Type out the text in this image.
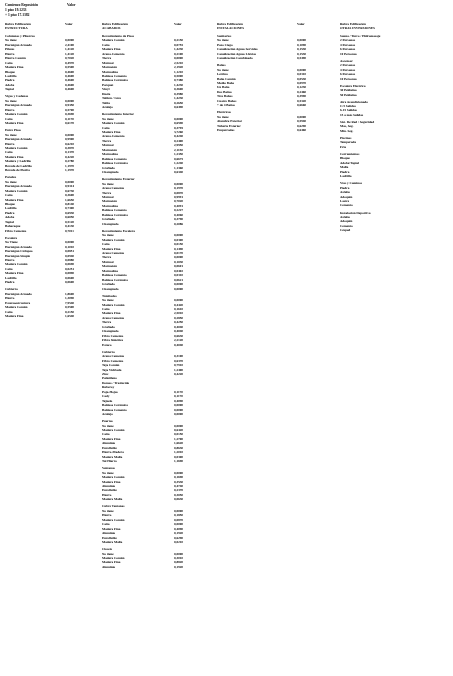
Comienzo Reposición	Valor
1 piso 19.1233
+ 1 piso 17.1382
Rubro Edificación	Valor
ESTRUCTURA
Columnas y Pilastras
No tiene	0,0000
Hormigón Armado	2,4100
Pilotes	1,4120
Hierro	1,4120
Hierro Común	0,7020
Caña	0,4970
Madera Fina	0,5500
Bloque	0,4600
Ladrillo	0,4600
Piedra	0,4600
Adobe	0,4600
Tapial	0,4600
Vigas y Cadenas
No tiene	0,0000
Hormigón Armado	0,9350
Hierro	0,5700
Madera Común	0,3690
Caña	0,1170
Madera Fina	0,6170
Entre Pisos
No tiene	0,0000
Hormigón Armado	0,9900
Hierro	0,6210
Madera Común	0,3870
Caña	0,1370
Madera Fina	0,4220
Madera y Ladrillo	0,2780
Bóveda de Ladrillo	1,1970
Bóveda de Piedra	1,1970
Paredes
No tiene	0,0000
Hormigón Armado	0,9314
Madera Común	0,6730
Caña	0,3600
Madera Fina	1,6650
Bloque	0,8140
Ladrillo	0,7300
Piedra	0,6930
Adobe	0,6050
Tapial	0,5120
Bahareque	0,4130
Fibro Cemento	0,7011
Escalera
No Tiene	0,0000
Hormigón Armado	0,1010
Hormigón Ciclópeo	0,0851
Hormigón Simple	0,0940
Hierro	0,0880
Madera Común	0,0690
Caña	0,0251
Madera Fina	0,0890
Ladrillo	0,0600
Piedra	0,0600
Cubierta
Hormigón Armado	1,8600
Hierro	1,3090
Estereoestructura	7,9540
Madera Común	0,5500
Caña	0,2150
Madera Fina	1,6540
Rubro Edificación	Valor
ACABADOS
Revestimiento de Pisos
Madera Común	0,2150
Caña	0,0755
Madera Fina	1,4230
Arena-Cemento	0,2100
Tierra	0,0000
Mármol	2,5210
Marmetón	2,1920
Marmolina	1,1210
Baldosa Cemento	0,5000
Baldosa Cerámica	0,7380
Parquet	1,4230
Vinyl	0,3600
Duela	0,3980
Tablón / Gres	1,4230
Tabla	0,2650
Azulejo	0,6490
Revestimiento Interior
No tiene	0,0000
Madera Común	0,6590
Caña	0,3795
Madera Fina	3,7260
Arena-Cemento	0,4240
Tierra	0,2400
Mármol	2,9950
Marmetón	2,1150
Marmolina	1,2350
Baldosa Cemento	0,6675
Baldosa Cerámica	1,2240
Grafiado	1,1360
Champiado	0,6340
Revestimiento Exterior
No tiene	0,0000
Arena Cemento	0,1970
Tierra	0,0870
Mármol	0,9991
Marmetón	0,7020
Marmolina	0,4091
Baldosa Cemento	0,2227
Baldosa Cerámica	0,4060
Grafiado	0,3790
Champiado	0,2086
Revestimiento Escalera
No tiene	0,0000
Madera Común	0,0300
Caña	0,0150
Madera Fina	0,1490
Arena Cemento	0,0170
Tierra	0,0000
Mármol	0,1030
Marmetón	0,0601
Marmolina	0,0402
Baldosa Cemento	0,0310
Baldosa Cerámica	0,0621
Grafiado	0,0000
Champiado	0,0000
Tumbados
No tiene	0,0000
Madera Común	0,4420
Caña	0,1610
Madera Fina	2,5010
Arena Cemento	0,2850
Tierra	0,4250
Grafiado	0,4040
Champiado	0,4040
Fibro Cemento	0,6630
Fibra Sintética	2,2120
Estuco	0,4040
Cubierta
Arena Cemento	0,3100
Fibro Cemento	0,6370
Teja Común	0,7910
Teja Vidriada	1,2400
Zinc	0,4220
Polietileno
Domos / Traslucido
Ruberoy
Paja-Hojas	0,1170
Cady	0,1170
Tejuelo	0,4090
Baldosa Cerámica	0,0000
Baldosa Cemento	0,0000
Azulejo	0,0000
Puertas
No tiene	0,0000
Madera Común	0,6420
Caña	0,0150
Madera Fina	1,2700
Aluminio	1,6620
Enrollable	0,8630
Hierro-Madera	1,2010
Madera Malla	0,0300
Tol Hierro	1,1690
Ventanas
No tiene	0,0000
Madera Común	0,1690
Madera Fina	0,3530
Aluminio	0,4740
Enrollable	0,2370
Hierro	0,3050
Madera Malla	0,0630
Cubre Ventanas
No tiene	0,0000
Hierro	0,1850
Madera Común	0,0870
Caña	0,0000
Madera Fina	0,4090
Aluminio	0,1920
Enrollable	0,6290
Madera Malla	0,0210
Closets
No tiene	0,0000
Madera Común	0,3010
Madera Fina	0,8820
Aluminio	0,1920
Rubro Edificación	Valor
INSTALACIONES
Sanitarios
No tiene	0,0000
Pozo Ciego	0,1090
Canalización Aguas Servidas	0,1530
Canalización Aguas Lluvias	0,1530
Canalización Combinado	0,5490
Baños
No tiene	0,0000
Letrina	0,0310
Baño Común	0,0530
Medio Baño	0,0970
Un Baño	0,1230
Dos Baños	0,2460
Tres Baños	0,3990
Cuatro Baños	0,5320
+ de 4 Baños	0,6660
Eléctricas
No tiene	0,0000
Alambre Exterior	0,5940
Tubería Exterior	0,6290
Empotradas	0,6460
Rubro Edificación
OTRAS INVERSIONES
Sauna / Turco / Hidromasaje
2 Personas
4 Personas
6 Personas
10 Personas
Ascensor
2 Personas
4 Personas
6 Personas
10 Personas
Escalera Eléctrica
30 Peldaños
50 Peldaños
Aire Acondicionado
C/3 Salidas
6-15 Salidas
15 a más Salidas
Sist. De Red / Seguridad
Mas, Seg.
Min. Seg.
Piscinas
Temperada
Fría
Cerramientos
Bloque
Adobe/Tapial
Malla
Piedra
Ladrillo
Vías y Caminos
Piedra
Asfalto
Adoquín
Lastre
Cemento
Instalación Deportiva
Asfalto
Adoquín
Cemento
Césped
